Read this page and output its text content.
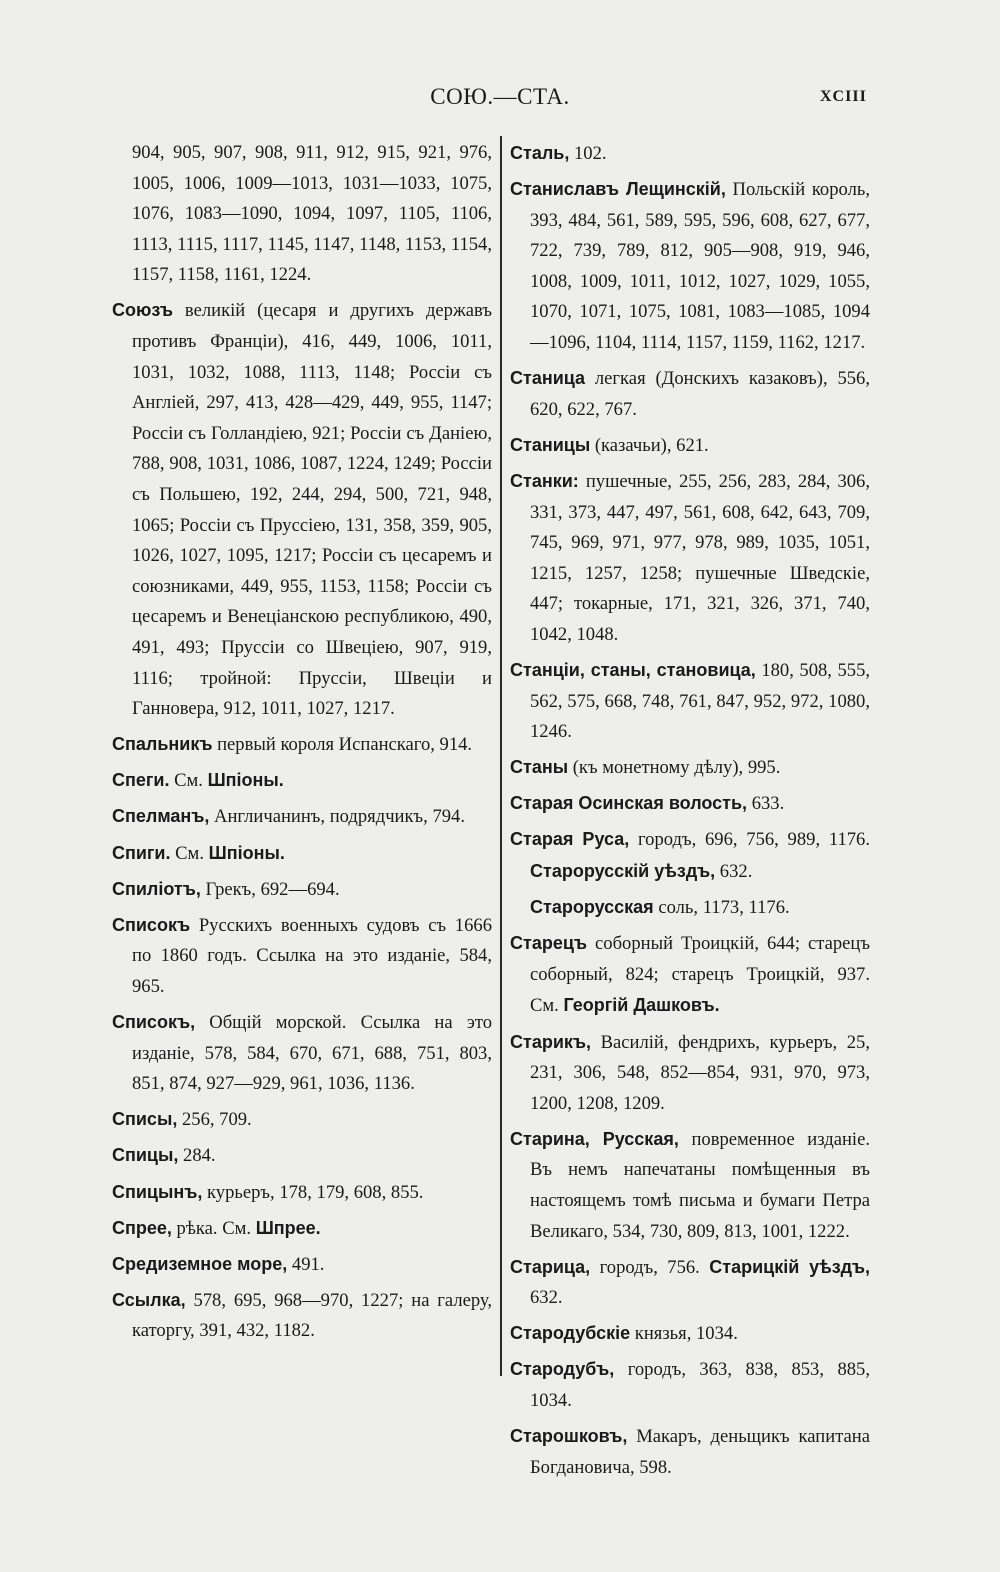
СОЮ.—СТА.	XCIII

904, 905, 907, 908, 911, 912, 915, 921, 976, 1005, 1006, 1009—1013, 1031—1033, 1075, 1076, 1083—1090, 1094, 1097, 1105, 1106, 1113, 1115, 1117, 1145, 1147, 1148, 1153, 1154, 1157, 1158, 1161, 1224.

Союзъ великій (цесаря и другихъ державъ противъ Франціи), 416, 449, 1006, 1011, 1031, 1032, 1088, 1113, 1148; Россіи съ Англіей, 297, 413, 428—429, 449, 955, 1147; Россіи съ Голландіею, 921; Россіи съ Даніею, 788, 908, 1031, 1086, 1087, 1224, 1249; Россіи съ Польшею, 192, 244, 294, 500, 721, 948, 1065; Россіи съ Пруссіею, 131, 358, 359, 905, 1026, 1027, 1095, 1217; Россіи съ цесаремъ и союзниками, 449, 955, 1153, 1158; Россіи съ цесаремъ и Венеціанскою республикою, 490, 491, 493; Пруссіи со Швеціею, 907, 919, 1116; тройной: Пруссіи, Швеціи и Ганновера, 912, 1011, 1027, 1217.

Спальникъ первый короля Испанскаго, 914.

Спеги. См. Шпіоны.

Спелманъ, Англичанинъ, подрядчикъ, 794.

Спиги. См. Шпіоны.

Спиліотъ, Грекъ, 692—694.

Списокъ Русскихъ военныхъ судовъ съ 1666 по 1860 годъ. Ссылка на это изданіе, 584, 965.

Списокъ, Общій морской. Ссылка на это изданіе, 578, 584, 670, 671, 688, 751, 803, 851, 874, 927—929, 961, 1036, 1136.

Списы, 256, 709.

Спицы, 284.

Спицынъ, курьеръ, 178, 179, 608, 855.

Спрее, рѣка. См. Шпрее.

Средиземное море, 491.

Ссылка, 578, 695, 968—970, 1227; на галеру, каторгу, 391, 432, 1182.

Сталь, 102.

Станиславъ Лещинскій, Польскій король, 393, 484, 561, 589, 595, 596, 608, 627, 677, 722, 739, 789, 812, 905—908, 919, 946, 1008, 1009, 1011, 1012, 1027, 1029, 1055, 1070, 1071, 1075, 1081, 1083—1085, 1094—1096, 1104, 1114, 1157, 1159, 1162, 1217.

Станица легкая (Донскихъ казаковъ), 556, 620, 622, 767.

Станицы (казачьи), 621.

Станки: пушечные, 255, 256, 283, 284, 306, 331, 373, 447, 497, 561, 608, 642, 643, 709, 745, 969, 971, 977, 978, 989, 1035, 1051, 1215, 1257, 1258; пушечные Шведскіе, 447; токарные, 171, 321, 326, 371, 740, 1042, 1048.

Станціи, станы, становица, 180, 508, 555, 562, 575, 668, 748, 761, 847, 952, 972, 1080, 1246.

Станы (къ монетному дѣлу), 995.

Старая Осинская волость, 633.

Старая Руса, городъ, 696, 756, 989, 1176. Старорусскій уѣздъ, 632.

Старорусская соль, 1173, 1176.

Старецъ соборный Троицкій, 644; старецъ соборный, 824; старецъ Троицкій, 937. См. Георгій Дашковъ.

Старикъ, Василій, фендрихъ, курьеръ, 25, 231, 306, 548, 852—854, 931, 970, 973, 1200, 1208, 1209.

Старина, Русская, повременное изданіе. Въ немъ напечатаны помѣщенныя въ настоящемъ томѣ письма и бумаги Петра Великаго, 534, 730, 809, 813, 1001, 1222.

Старица, городъ, 756. Старицкій уѣздъ, 632.

Стародубскіе князья, 1034.

Стародубъ, городъ, 363, 838, 853, 885, 1034.

Старошковъ, Макаръ, деньщикъ капитана Богдановича, 598.
